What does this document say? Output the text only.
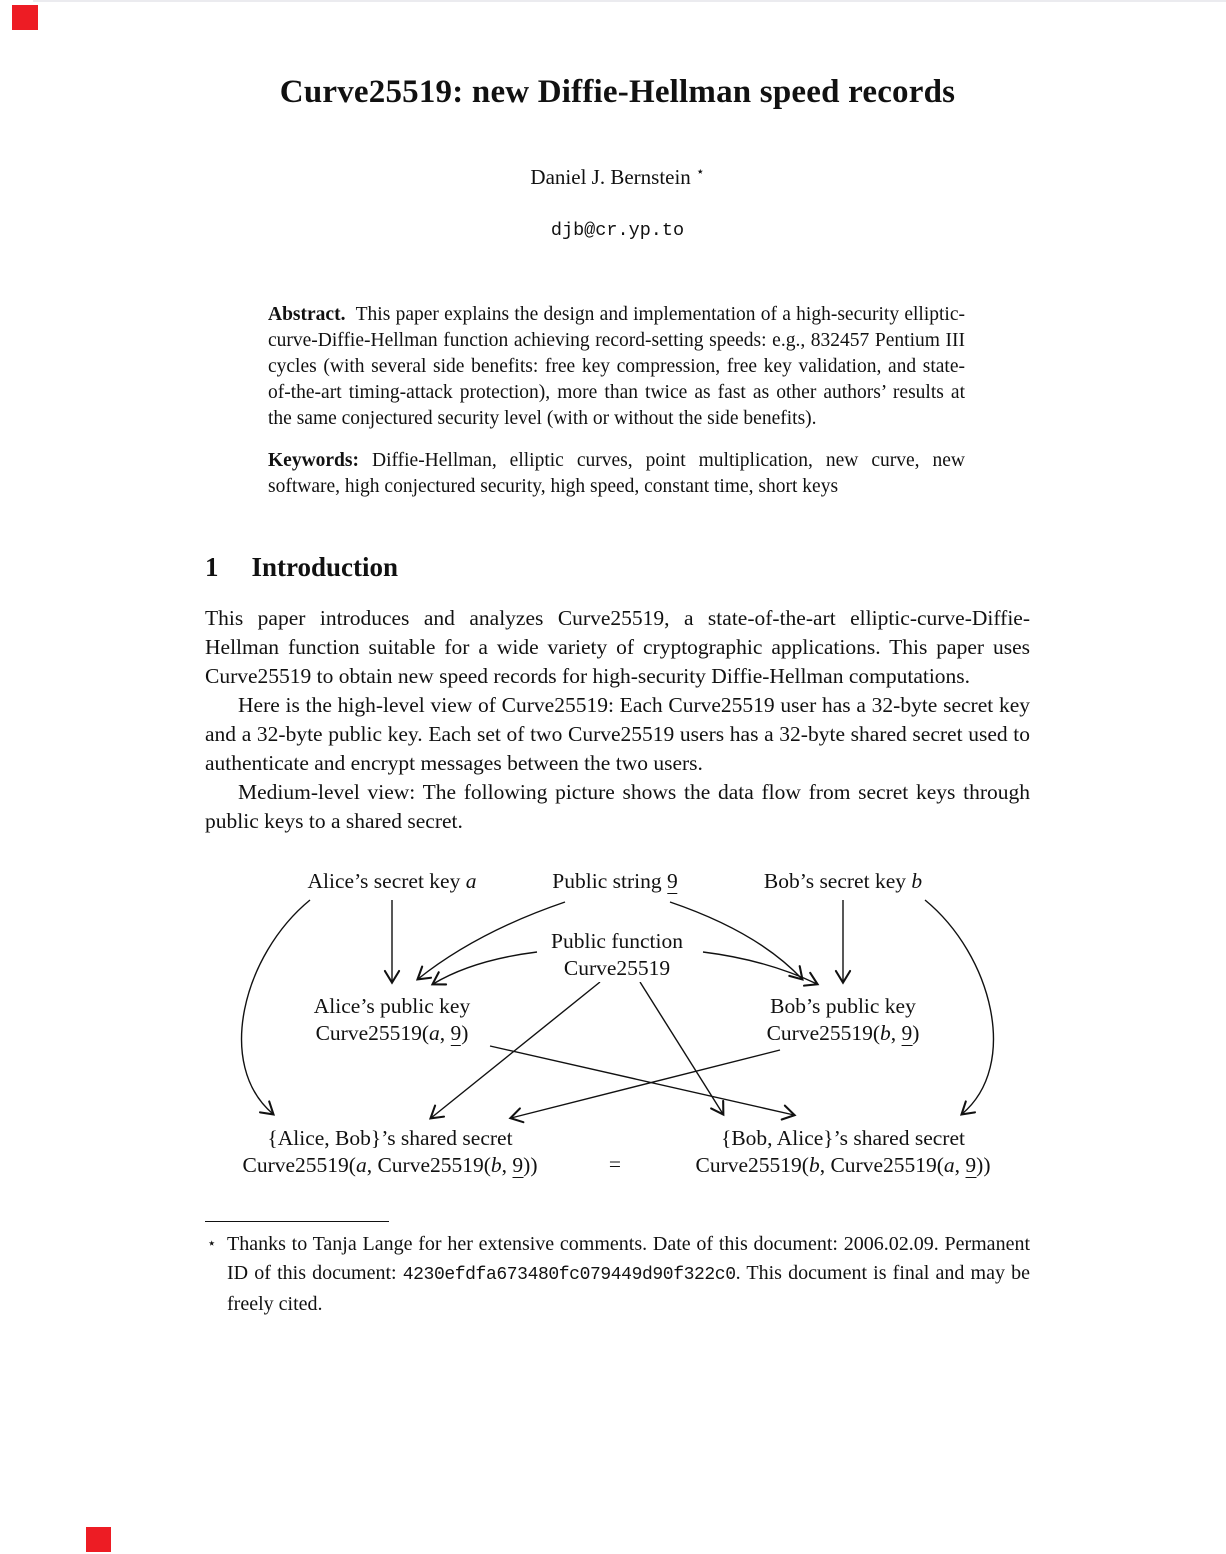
Curve25519: new Diffie-Hellman speed records
Daniel J. Bernstein ⋆
djb@cr.yp.to
Abstract. This paper explains the design and implementation of a high-security elliptic-curve-Diffie-Hellman function achieving record-setting speeds: e.g., 832457 Pentium III cycles (with several side benefits: free key compression, free key validation, and state-of-the-art timing-attack protection), more than twice as fast as other authors’ results at the same conjectured security level (with or without the side benefits).
Keywords: Diffie-Hellman, elliptic curves, point multiplication, new curve, new software, high conjectured security, high speed, constant time, short keys
1 Introduction

This paper introduces and analyzes Curve25519, a state-of-the-art elliptic-curve-Diffie-Hellman function suitable for a wide variety of cryptographic applications. This paper uses Curve25519 to obtain new speed records for high-security Diffie-Hellman computations.

Here is the high-level view of Curve25519: Each Curve25519 user has a 32-byte secret key and a 32-byte public key. Each set of two Curve25519 users has a 32-byte shared secret used to authenticate and encrypt messages between the two users.

Medium-level view: The following picture shows the data flow from secret keys through public keys to a shared secret.

Alice’s secret key a	Public string 9	Bob’s secret key b
Public function
Curve25519
Alice’s public key
Curve25519(a, 9)
Bob’s public key
Curve25519(b, 9)
{Alice, Bob}’s shared secret
Curve25519(a, Curve25519(b, 9))	=
{Bob, Alice}’s shared secret
Curve25519(b, Curve25519(a, 9))
⋆ Thanks to Tanja Lange for her extensive comments. Date of this document: 2006.02.09. Permanent ID of this document: 4230efdfa673480fc079449d90f322c0. This document is final and may be freely cited.
